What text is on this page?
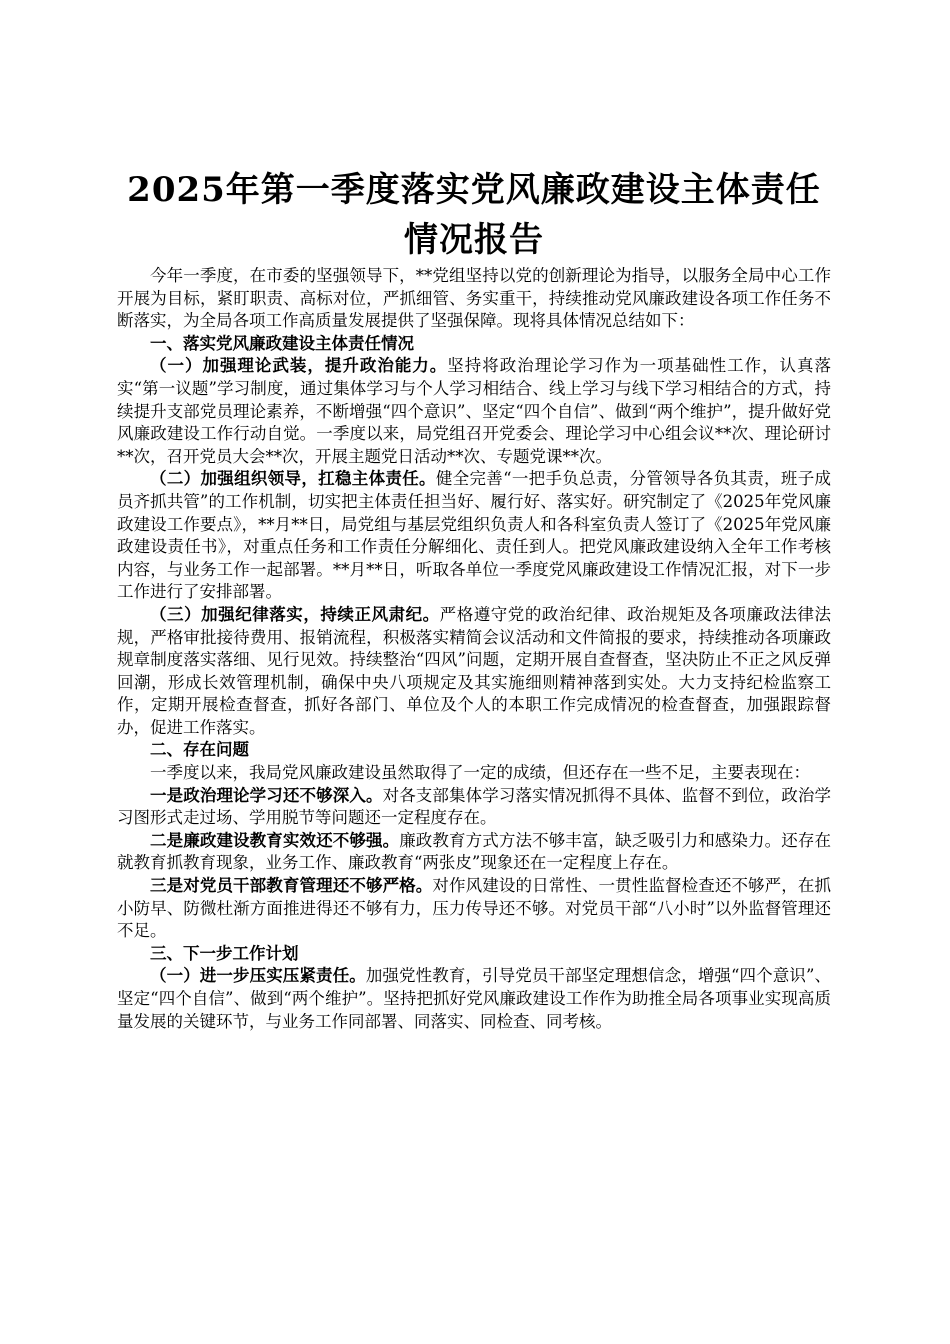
2025年第一季度落实党风廉政建设主体责任
情况报告

今年一季度，在市委的坚强领导下，**党组坚持以党的创新理论为指导，以服务全局中心工作开展为目标，紧盯职责、高标对位，严抓细管、务实重干，持续推动党风廉政建设各项工作任务不断落实，为全局各项工作高质量发展提供了坚强保障。现将具体情况总结如下：

一、落实党风廉政建设主体责任情况

（一）加强理论武装，提升政治能力。坚持将政治理论学习作为一项基础性工作，认真落实“第一议题”学习制度，通过集体学习与个人学习相结合、线上学习与线下学习相结合的方式，持续提升支部党员理论素养，不断增强“四个意识”、坚定“四个自信”、做到“两个维护”，提升做好党风廉政建设工作行动自觉。一季度以来，局党组召开党委会、理论学习中心组会议**次、理论研讨**次，召开党员大会**次，开展主题党日活动**次、专题党课**次。

（二）加强组织领导，扛稳主体责任。健全完善“一把手负总责，分管领导各负其责，班子成员齐抓共管”的工作机制，切实把主体责任担当好、履行好、落实好。研究制定了《2025年党风廉政建设工作要点》，**月**日，局党组与基层党组织负责人和各科室负责人签订了《2025年党风廉政建设责任书》，对重点任务和工作责任分解细化、责任到人。把党风廉政建设纳入全年工作考核内容，与业务工作一起部署。**月**日，听取各单位一季度党风廉政建设工作情况汇报，对下一步工作进行了安排部署。

（三）加强纪律落实，持续正风肃纪。严格遵守党的政治纪律、政治规矩及各项廉政法律法规，严格审批接待费用、报销流程，积极落实精简会议活动和文件简报的要求，持续推动各项廉政规章制度落实落细、见行见效。持续整治“四风”问题，定期开展自查督查，坚决防止不正之风反弹回潮，形成长效管理机制，确保中央八项规定及其实施细则精神落到实处。大力支持纪检监察工作，定期开展检查督查，抓好各部门、单位及个人的本职工作完成情况的检查督查，加强跟踪督办，促进工作落实。

二、存在问题

一季度以来，我局党风廉政建设虽然取得了一定的成绩，但还存在一些不足，主要表现在：

一是政治理论学习还不够深入。对各支部集体学习落实情况抓得不具体、监督不到位，政治学习图形式走过场、学用脱节等问题还一定程度存在。

二是廉政建设教育实效还不够强。廉政教育方式方法不够丰富，缺乏吸引力和感染力。还存在就教育抓教育现象，业务工作、廉政教育“两张皮”现象还在一定程度上存在。

三是对党员干部教育管理还不够严格。对作风建设的日常性、一贯性监督检查还不够严，在抓小防早、防微杜渐方面推进得还不够有力，压力传导还不够。对党员干部“八小时”以外监督管理还不足。

三、下一步工作计划

（一）进一步压实压紧责任。加强党性教育，引导党员干部坚定理想信念，增强“四个意识”、坚定“四个自信”、做到“两个维护”。坚持把抓好党风廉政建设工作作为助推全局各项事业实现高质量发展的关键环节，与业务工作同部署、同落实、同检查、同考核。
